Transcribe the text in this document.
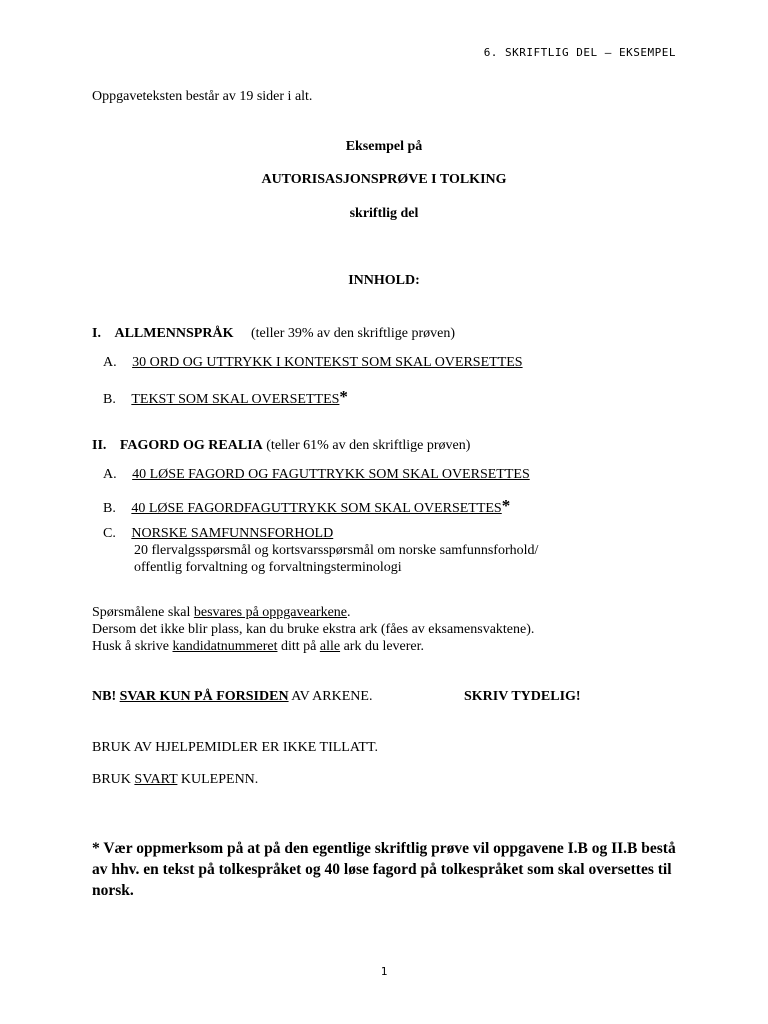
6. SKRIFTLIG DEL – EKSEMPEL
Oppgaveteksten består av 19 sider i alt.
Eksempel på
AUTORISASJONSPRØVE I TOLKING
skriftlig del
INNHOLD:
I. ALLMENNSPRÅK (teller 39% av den skriftlige prøven)
A. 30 ORD OG UTTRYKK I KONTEKST SOM SKAL OVERSETTES
B. TEKST SOM SKAL OVERSETTES*
II. FAGORD OG REALIA (teller 61% av den skriftlige prøven)
A. 40 LØSE FAGORD OG FAGUTTRYKK SOM SKAL OVERSETTES
B. 40 LØSE FAGORDFAGUTTRYKK SOM SKAL OVERSETTES*
C. NORSKE SAMFUNNSFORHOLD
20 flervalgsspørsmål og kortsvarsspørsmål om norske samfunnsforhold/
offentlig forvaltning og forvaltningsterminologi
Spørsmålene skal besvares på oppgavearkene.
Dersom det ikke blir plass, kan du bruke ekstra ark (fåes av eksamensvaktene).
Husk å skrive kandidatnummeret ditt på alle ark du leverer.
NB! SVAR KUN PÅ FORSIDEN AV ARKENE.	SKRIV TYDELIG!
BRUK AV HJELPEMIDLER ER IKKE TILLATT.
BRUK SVART KULEPENN.
* Vær oppmerksom på at på den egentlige skriftlig prøve vil oppgavene I.B og II.B bestå av hhv. en tekst på tolkespråket og 40 løse fagord på tolkespråket som skal oversettes til norsk.
1
